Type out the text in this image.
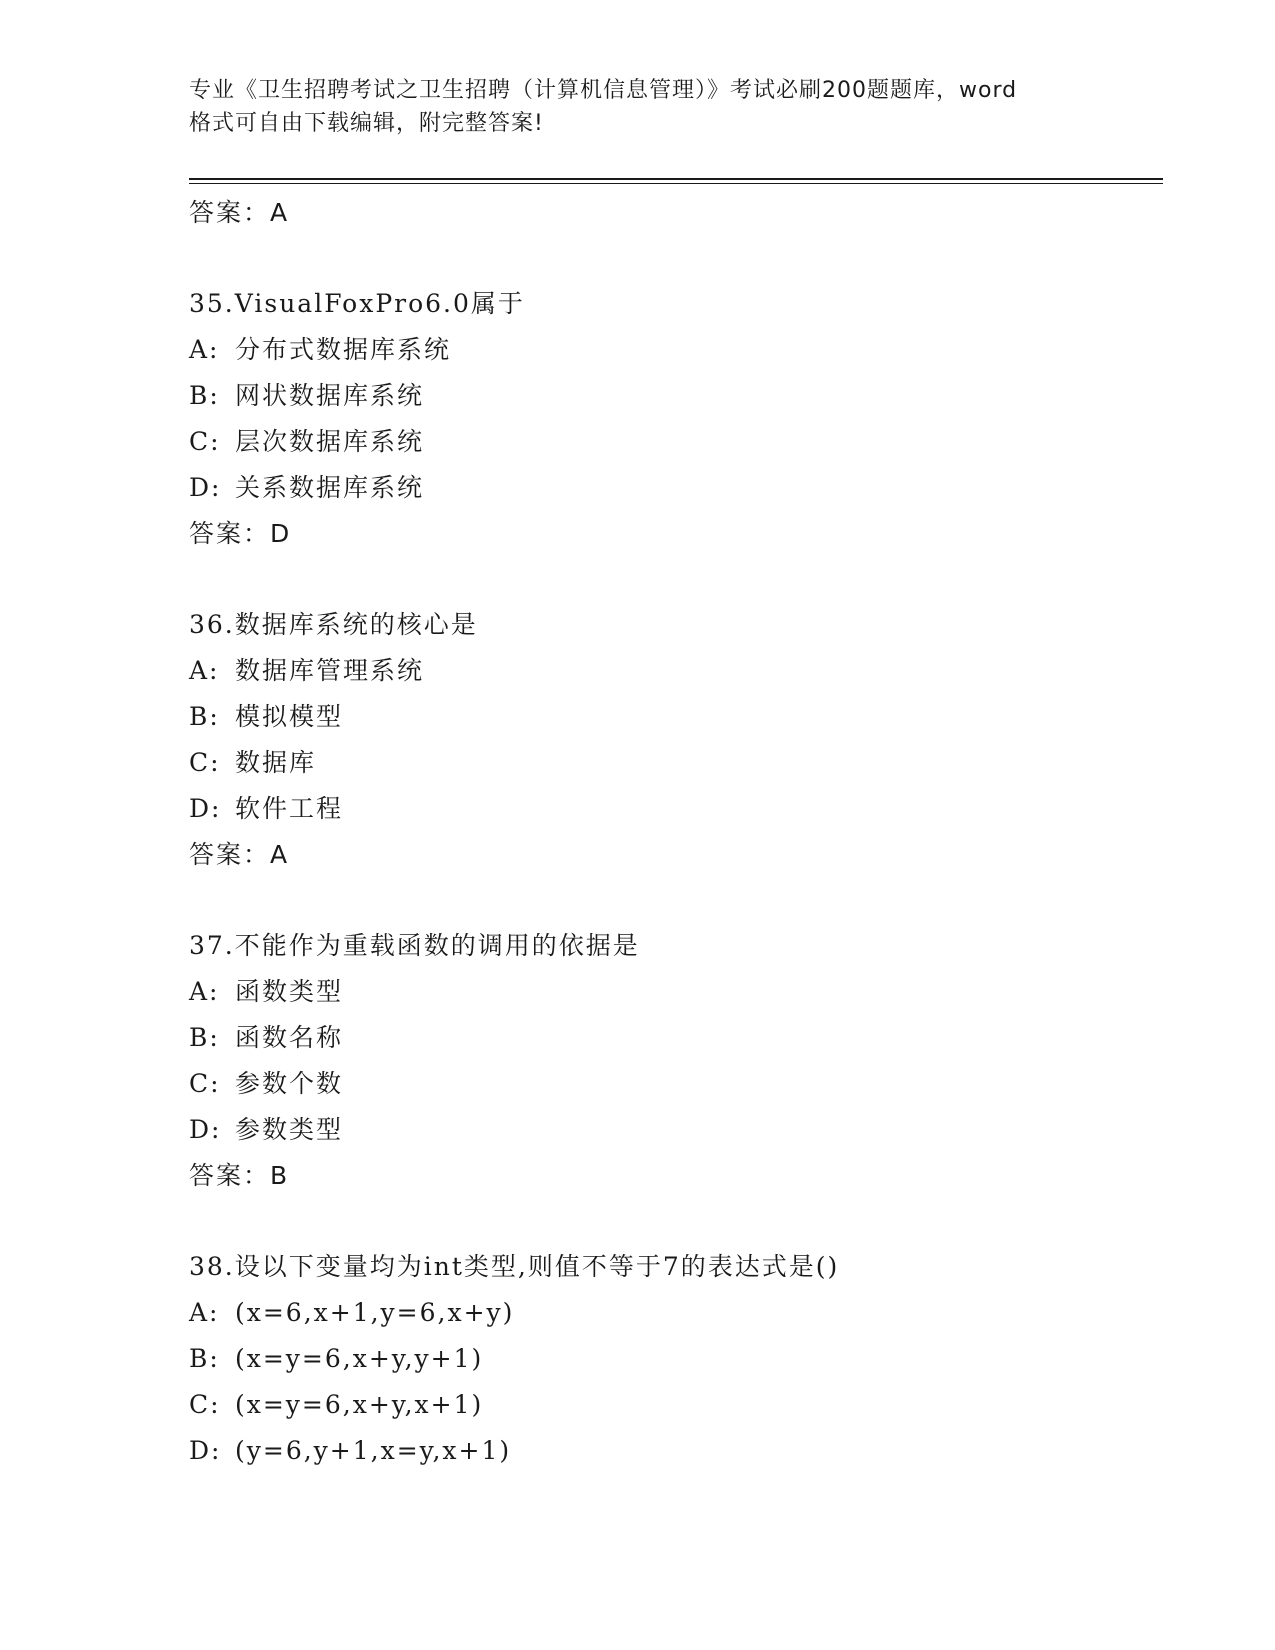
专业《卫生招聘考试之卫生招聘（计算机信息管理）》考试必刷200题题库，word
格式可自由下载编辑，附完整答案!
答案：A
35.VisualFoxPro6.0属于
A: 分布式数据库系统
B: 网状数据库系统
C: 层次数据库系统
D: 关系数据库系统
答案：D
36.数据库系统的核心是
A: 数据库管理系统
B: 模拟模型
C: 数据库
D: 软件工程
答案：A
37.不能作为重载函数的调用的依据是
A: 函数类型
B: 函数名称
C: 参数个数
D: 参数类型
答案：B
38.设以下变量均为int类型,则值不等于7的表达式是()
A: (x=6,x+1,y=6,x+y)
B: (x=y=6,x+y,y+1)
C: (x=y=6,x+y,x+1)
D: (y=6,y+1,x=y,x+1)
